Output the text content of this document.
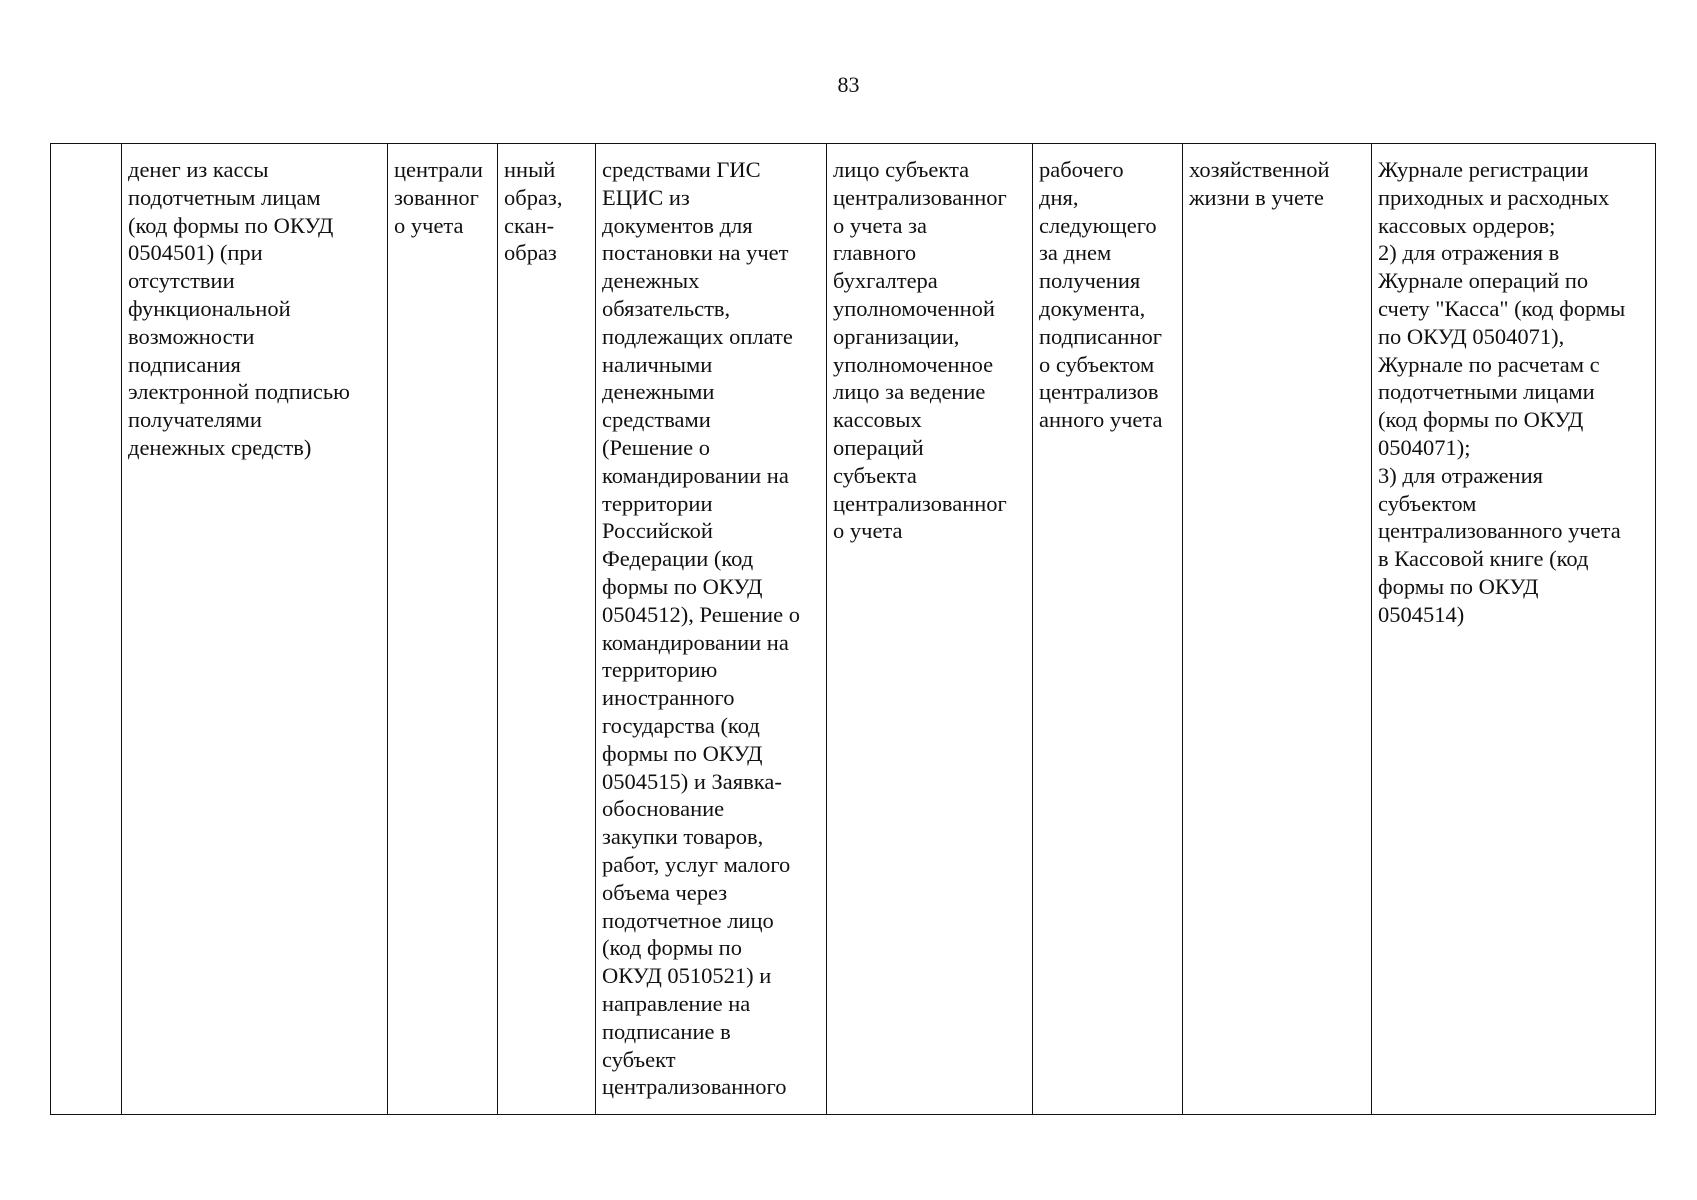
83
	денег из кассы
подотчетным лицам
(код формы по ОКУД
0504501) (при
отсутствии
функциональной
возможности
подписания
электронной подписью
получателями
денежных средств)	централи
зованног
о учета	нный
образ,
скан-
образ	средствами ГИС
ЕЦИС из
документов для
постановки на учет
денежных
обязательств,
подлежащих оплате
наличными
денежными
средствами
(Решение о
командировании на
территории
Российской
Федерации (код
формы по ОКУД
0504512), Решение о
командировании на
территорию
иностранного
государства (код
формы по ОКУД
0504515) и Заявка-
обоснование
закупки товаров,
работ, услуг малого
объема через
подотчетное лицо
(код формы по
ОКУД 0510521) и
направление на
подписание в
субъект
централизованного	лицо субъекта
централизованног
о учета за
главного
бухгалтера
уполномоченной
организации,
уполномоченное
лицо за ведение
кассовых
операций
субъекта
централизованног
о учета	рабочего
дня,
следующего
за днем
получения
документа,
подписанног
о субъектом
централизов
анного учета	хозяйственной
жизни в учете	Журнале регистрации
приходных и расходных
кассовых ордеров;
2) для отражения в
Журнале операций по
счету "Касса" (код формы
по ОКУД 0504071),
Журнале по расчетам с
подотчетными лицами
(код формы по ОКУД
0504071);
3) для отражения
субъектом
централизованного учета
в Кассовой книге (код
формы по ОКУД
0504514)
